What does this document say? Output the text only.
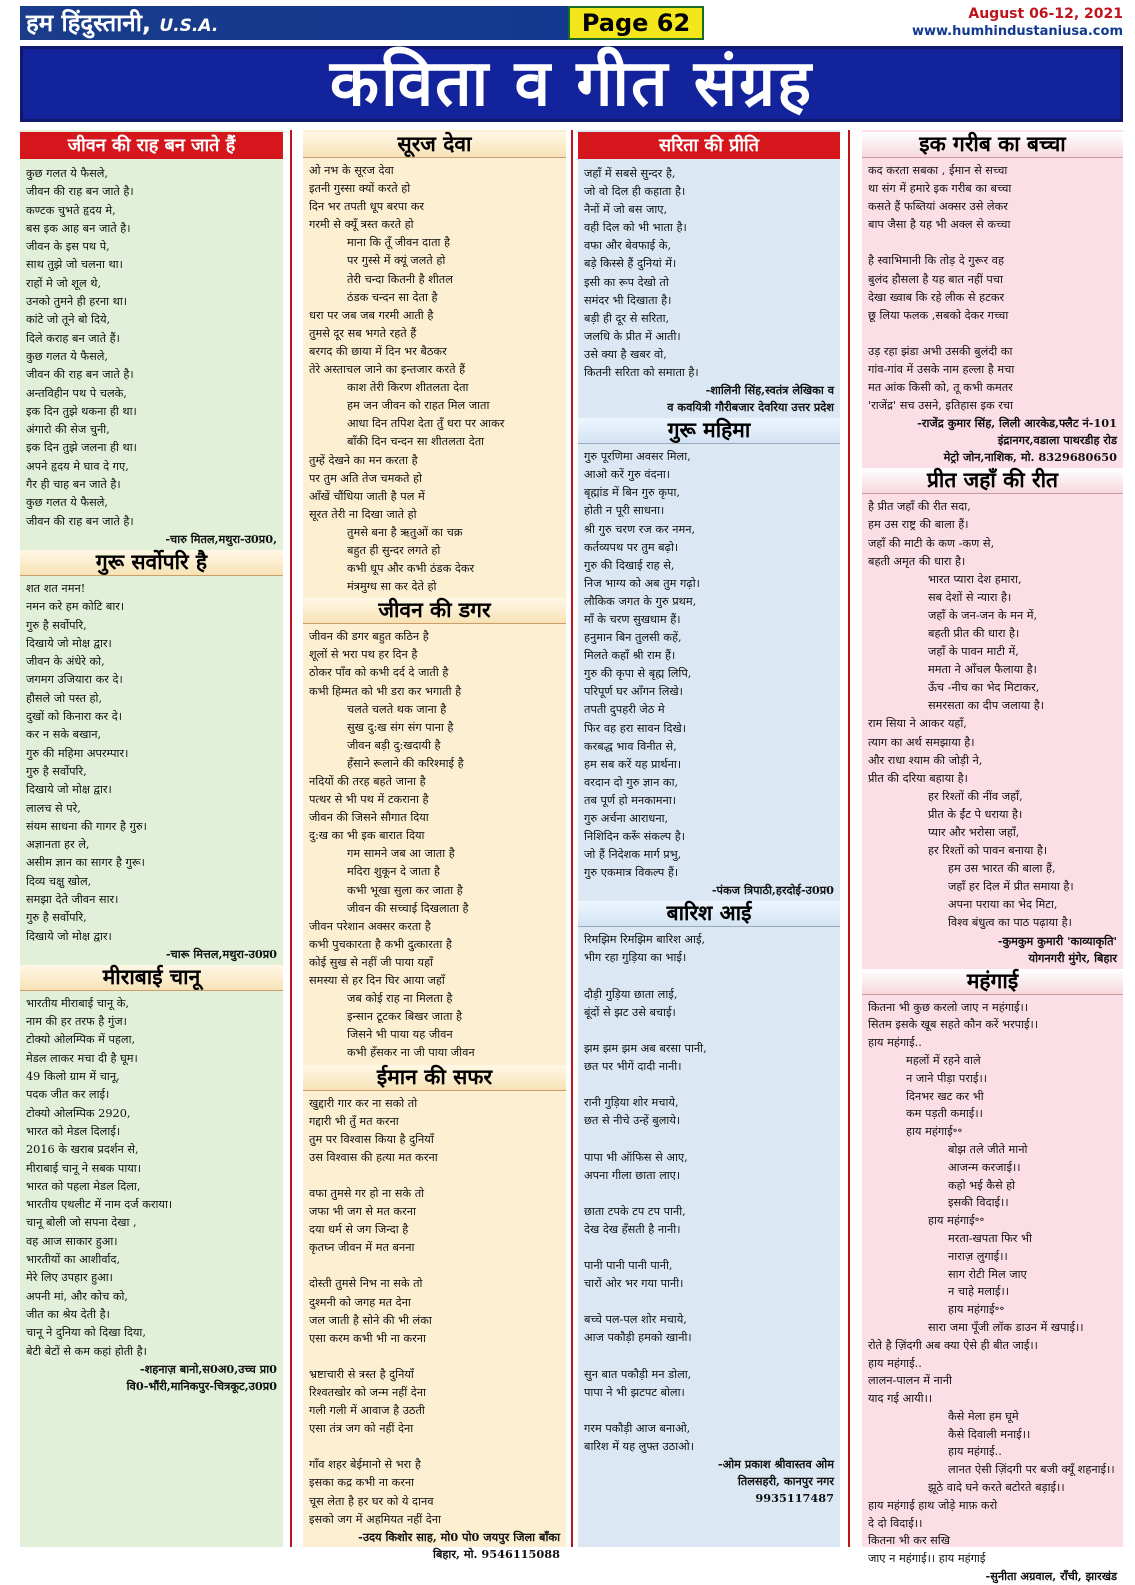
हम हिंदुस्तानी, U.S.A.	Page 62	August 06-12, 2021
www.humhindustaniusa.com
कविता व गीत संग्रह
जीवन की राह बन जाते हैं
कुछ गलत ये फैसले,
जीवन की राह बन जाते है।
कण्टक चुभते हृदय मे,
बस इक आह बन जाते है।
जीवन के इस पथ पे,
साथ तुझे जो चलना था।
राहों मे जो शूल थे,
उनको तुमने ही हरना था।
कांटे जो तूने बो दिये,
दिले कराह बन जाते हैं।
कुछ गलत ये फैसले,
जीवन की राह बन जाते है।
अन्तविहीन पथ पे चलके,
इक दिन तुझे थकना ही था।
अंगारो की सेज चुनी,
इक दिन तुझे जलना ही था।
अपने हृदय मे घाव दे गए,
गैर ही चाह बन जाते है।
कुछ गलत ये फैसले,
जीवन की राह बन जाते है।
-चारु मितल,मथुरा-उ0प्र0,
गुरू सर्वोपरि है
शत शत नमन!
नमन करे हम कोटि बार।
गुरु है सर्वोपरि,
दिखाये जो मोक्ष द्वार।
जीवन के अंधेरे को,
जगमग उजियारा कर दे।
हौसले जो पस्त हो,
दुखों को किनारा कर दे।
कर न सके बखान,
गुरु की महिमा अपरम्पार।
गुरु है सर्वोपरि,
दिखाये जो मोक्ष द्वार।
लालच से परे,
संयम साधना की गागर है गुरु।
अज्ञानता हर ले,
असीम ज्ञान का सागर है गुरू।
दिव्य चक्षु खोल,
समझा देते जीवन सार।
गुरु है सर्वोपरि,
दिखाये जो मोक्ष द्वार।
-चारू मित्तल,मथुरा-उ0प्र0
मीराबाई चानू
भारतीय मीराबाई चानू के,
नाम की हर तरफ है गुंज।
टोक्यो ओलम्पिक में पहला,
मेडल लाकर मचा दी है घूम।
49 किलो ग्राम में चानू,
पदक जीत कर लाई।
टोक्यो ओलम्पिक 2920,
भारत को मेडल दिलाई।
2016 के खराब प्रदर्शन से,
मीराबाई चानू ने सबक पाया।
भारत को पहला मेडल दिला,
भारतीय एथलीट में नाम दर्ज कराया।
चानू बोली जो सपना देखा ,
वह आज साकार हुआ।
भारतीयों का आशीर्वाद,
मेरे लिए उपहार हुआ।
अपनी मां, और कोच को,
जीत का श्रेय देती है।
चानू ने दुनिया को दिखा दिया,
बेटी बेटों से कम कहां होती है।
-शहनाज़ बानो,स0अ0,उच्च प्रा0
वि0-भौंरी,मानिकपुर-चित्रकूट,उ0प्र0
सूरज देवा
ओ नभ के सूरज देवा
इतनी गुस्सा क्यों करते हो
दिन भर तपती धूप बरपा कर
गरमी से क्यूँ त्रस्त करते हो
माना कि तूँ जीवन दाता है
पर गुस्से में क्यूं जलते हो
तेरी चन्दा कितनी है शीतल
ठंडक चन्दन सा देता है
धरा पर जब जब गरमी आती है
तुमसे दूर सब भगते रहते हैं
बरगद की छाया में दिन भर बैठकर
तेरे अस्ताचल जाने का इन्तजार करते हैं
काश तेरी किरण शीतलता देता
हम जन जीवन को राहत मिल जाता
आधा दिन तपिश देता तुँ धरा पर आकर
बाँकी दिन चन्दन सा शीतलता देता
तुम्हें देखने का मन करता है
पर तुम अति तेज चमकते हो
आँखें चौंधिया जाती है पल में
सूरत तेरी ना दिखा जाते हो
तुमसे बना है ऋतुओं का चक्र
बहुत ही सुन्दर लगते हो
कभी धूप और कभी ठंडक देकर
मंत्रमुग्ध सा कर देते हो
जीवन की डगर
जीवन की डगर बहुत कठिन है
शूलों से भरा पथ हर दिन है
ठोकर पाँव को कभी दर्द दे जाती है
कभी हिम्मत को भी डरा कर भगाती है
चलते चलते थक जाना है
सुख दु:ख संग संग पाना है
जीवन बड़ी दु:खदायी है
हँसाने रूलाने की करिश्माई है
नदियों की तरह बहते जाना है
पत्थर से भी पथ में टकराना है
जीवन की जिसने सौगात दिया
दु:ख का भी इक बारात दिया
गम सामने जब आ जाता है
मदिरा शुकून दे जाता है
कभी भूखा सुला कर जाता है
जीवन की सच्चाई दिखलाता है
जीवन परेशान अक्सर करता है
कभी पुचकारता है कभी दुत्कारता है
कोई सुख से नहीं जी पाया यहाँ
समस्या से हर दिन घिर आया जहाँ
जब कोई राह ना मिलता है
इन्सान टूटकर बिखर जाता है
जिसने भी पाया यह जीवन
कभी हँसकर ना जी पाया जीवन
ईमान की सफर
खुद्दारी गार कर ना सको तो
गद्दारी भी तुँ मत करना
तुम पर विश्वास किया है दुनियाँ
उस विश्वास की हत्या मत करना
वफा तुमसे गर हो ना सके तो
जफा भी जग से मत करना
दया धर्म से जग जिन्दा है
कृतघ्न जीवन में मत बनना
दोस्ती तुमसे निभ ना सके तो
दुश्मनी को जगह मत देना
जल जाती है सोने की भी लंका
एसा करम कभी भी ना करना
भ्रष्टाचारी से त्रस्त है दुनियाँ
रिश्वतखोर को जन्म नहीं देना
गली गली में आवाज है उठती
एसा तंत्र जग को नहीं देना
गाँव शहर बेईमानो से भरा है
इसका कद्र कभी ना करना
चूस लेता है हर घर को ये दानव
इसको जग में अहमियत नहीं देना
-उदय किशोर साह, मो0 पो0 जयपुर जिला बाँका
बिहार, मो. 9546115088
सरिता की प्रीति
जहाँ में सबसे सुन्दर है,
जो वो दिल ही कहाता है।
नैनों में जो बस जाए,
वही दिल को भी भाता है।
वफा और बेवफाई के,
बड़े किस्से हैं दुनियां में।
इसी का रूप देखो तो
समंदर भी दिखाता है।
बड़ी ही दूर से सरिता,
जलधि के प्रीत में आती।
उसे क्या है खबर वो,
कितनी सरिता को समाता है।
-शालिनी सिंह,स्वतंत्र लेखिका व
व कवयित्री गौरीबजार देवरिया उत्तर प्रदेश
गुरू महिमा
गुरु पूरणिमा अवसर मिला,
आओ करें गुरु वंदना।
बृह्मांड में बिन गुरु कृपा,
होती न पूरी साधना।
श्री गुरु चरण रज कर नमन,
कर्तव्यपथ पर तुम बढ़ो।
गुरु की दिखाई राह से,
निज भाग्य को अब तुम गढ़ो।
लौकिक जगत के गुरु प्रथम,
माँ के चरण सुखधाम हैं।
हनुमान बिन तुलसी कहें,
मिलते कहाँ श्री राम हैं।
गुरु की कृपा से बृह्म लिपि,
परिपूर्ण घर आँगन लिखे।
तपती दुपहरी जेठ मे
फिर वह हरा सावन दिखे।
करबद्ध भाव विनीत से,
हम सब करें यह प्रार्थना।
वरदान दो गुरु ज्ञान का,
तब पूर्ण हो मनकामना।
गुरु अर्चना आराधना,
निशिदिन करूँ संकल्प है।
जो हैं निदेशक मार्ग प्रभु,
गुरु एकमात्र विकल्प हैं।
-पंकज त्रिपाठी,हरदोई-उ0प्र0
बारिश आई
रिमझिम रिमझिम बारिश आई,
भीग रहा गुड़िया का भाई।
दौड़ी गुड़िया छाता लाई,
बूंदों से झट उसे बचाई।
झम झम झम अब बरसा पानी,
छत पर भीगें दादी नानी।
रानी गुड़िया शोर मचाये,
छत से नीचे उन्हें बुलाये।
पापा भी ऑफिस से आए,
अपना गीला छाता लाए।
छाता टपके टप टप पानी,
देख देख हँसती है नानी।
पानी पानी पानी पानी,
चारों ओर भर गया पानी।
बच्चे पल-पल शोर मचाये,
आज पकौड़ी हमको खानी।
सुन बात पकौड़ी मन डोला,
पापा ने भी झटपट बोला।
गरम पकौड़ी आज बनाओ,
बारिश में यह लुफ्त उठाओ।
-ओम प्रकाश श्रीवास्तव ओम
तिलसहरी, कानपुर नगर
9935117487
इक गरीब का बच्चा
कद करता सबका , ईमान से सच्चा
था संग में हमारे इक गरीब का बच्चा
कसते हैं फब्तियां अक्सर उसे लेकर
बाप जैसा है यह भी अक्ल से कच्चा
है स्वाभिमानी कि तोड़ दे गुरूर वह
बुलंद हौसला है यह बात नहीं पचा
देखा ख्वाब कि रहे लीक से हटकर
छू लिया फलक ,सबको देकर गच्चा
उड़ रहा झंडा अभी उसकी बुलंदी का
गांव-गांव में उसके नाम हल्ला है मचा
मत आंक किसी को, तू कभी कमतर
'राजेंद्र' सच उसने, इतिहास इक रचा
-राजेंद्र कुमार सिंह, लिली आरकेड,फ्लैट नं-101
इंद्रानगर,वडाला पाथरडीह रोड
मेट्रो जोन,नाशिक, मो. 8329680650
प्रीत जहाँ की रीत
है प्रीत जहाँ की रीत सदा,
हम उस राष्ट्र की बाला हैं।
जहाँ की माटी के कण -कण से,
बहती अमृत की धारा है।
भारत प्यारा देश हमारा,
सब देशों से न्यारा है।
जहाँ के जन-जन के मन में,
बहती प्रीत की धारा है।
जहाँ के पावन माटी में,
ममता ने आँचल फैलाया है।
ऊँच -नीच का भेद मिटाकर,
समरसता का दीप जलाया है।
राम सिया ने आकर यहाँ,
त्याग का अर्थ समझाया है।
और राधा श्याम की जोड़ी ने,
प्रीत की दरिया बहाया है।
हर रिश्तों की नींव जहाँ,
प्रीत के ईंट पे धराया है।
प्यार और भरोसा जहाँ,
हर रिश्तों को पावन बनाया है।
हम उस भारत की बाला हैं,
जहाँ हर दिल में प्रीत समाया है।
अपना पराया का भेद मिटा,
विश्व बंधुत्व का पाठ पढ़ाया है।
-कुमकुम कुमारी 'काव्याकृति'
योगनगरी मुंगेर, बिहार
महंगाई
कितना भी कुछ करलो जाए न महंगाई।।
सितम इसके खूब सहते कौन करें भरपाई।।
हाय महंगाई..
महलों में रहने वाले
न जाने पीड़ा पराई।।
दिनभर खट कर भी
कम पड़ती कमाई।।
हाय महंगाई॰॰
बोझ तले जीते मानो
आजन्म करजाई।।
कहो भई कैसे हो
इसकी विदाई।।
हाय महंगाई॰॰
मरता-खपता फिर भी
नाराज़ लुगाई।।
साग रोटी मिल जाए
न चाहे मलाई।।
हाय महंगाई॰॰
सारा जमा पूँजी लॉक डाउन में खपाई।।
रोते है ज़िंदगी अब क्या ऐसे ही बीत जाई।।
हाय महंगाई..
लालन-पालन में नानी
याद गई आयी।।
कैसे मेला हम घूमे
कैसे दिवाली मनाई।।
हाय महंगाई..
लानत ऐसी ज़िंदगी पर बजी क्यूँ शहनाई।।
झूठे वादे घने करते बटोरते बड़ाई।।
हाय महंगाई हाथ जोड़े माफ़ करो
दे दो विदाई।।
कितना भी कर सखि
जाए न महंगाई।। हाय महंगाई
-सुनीता अग्रवाल, राँची, झारखंड
